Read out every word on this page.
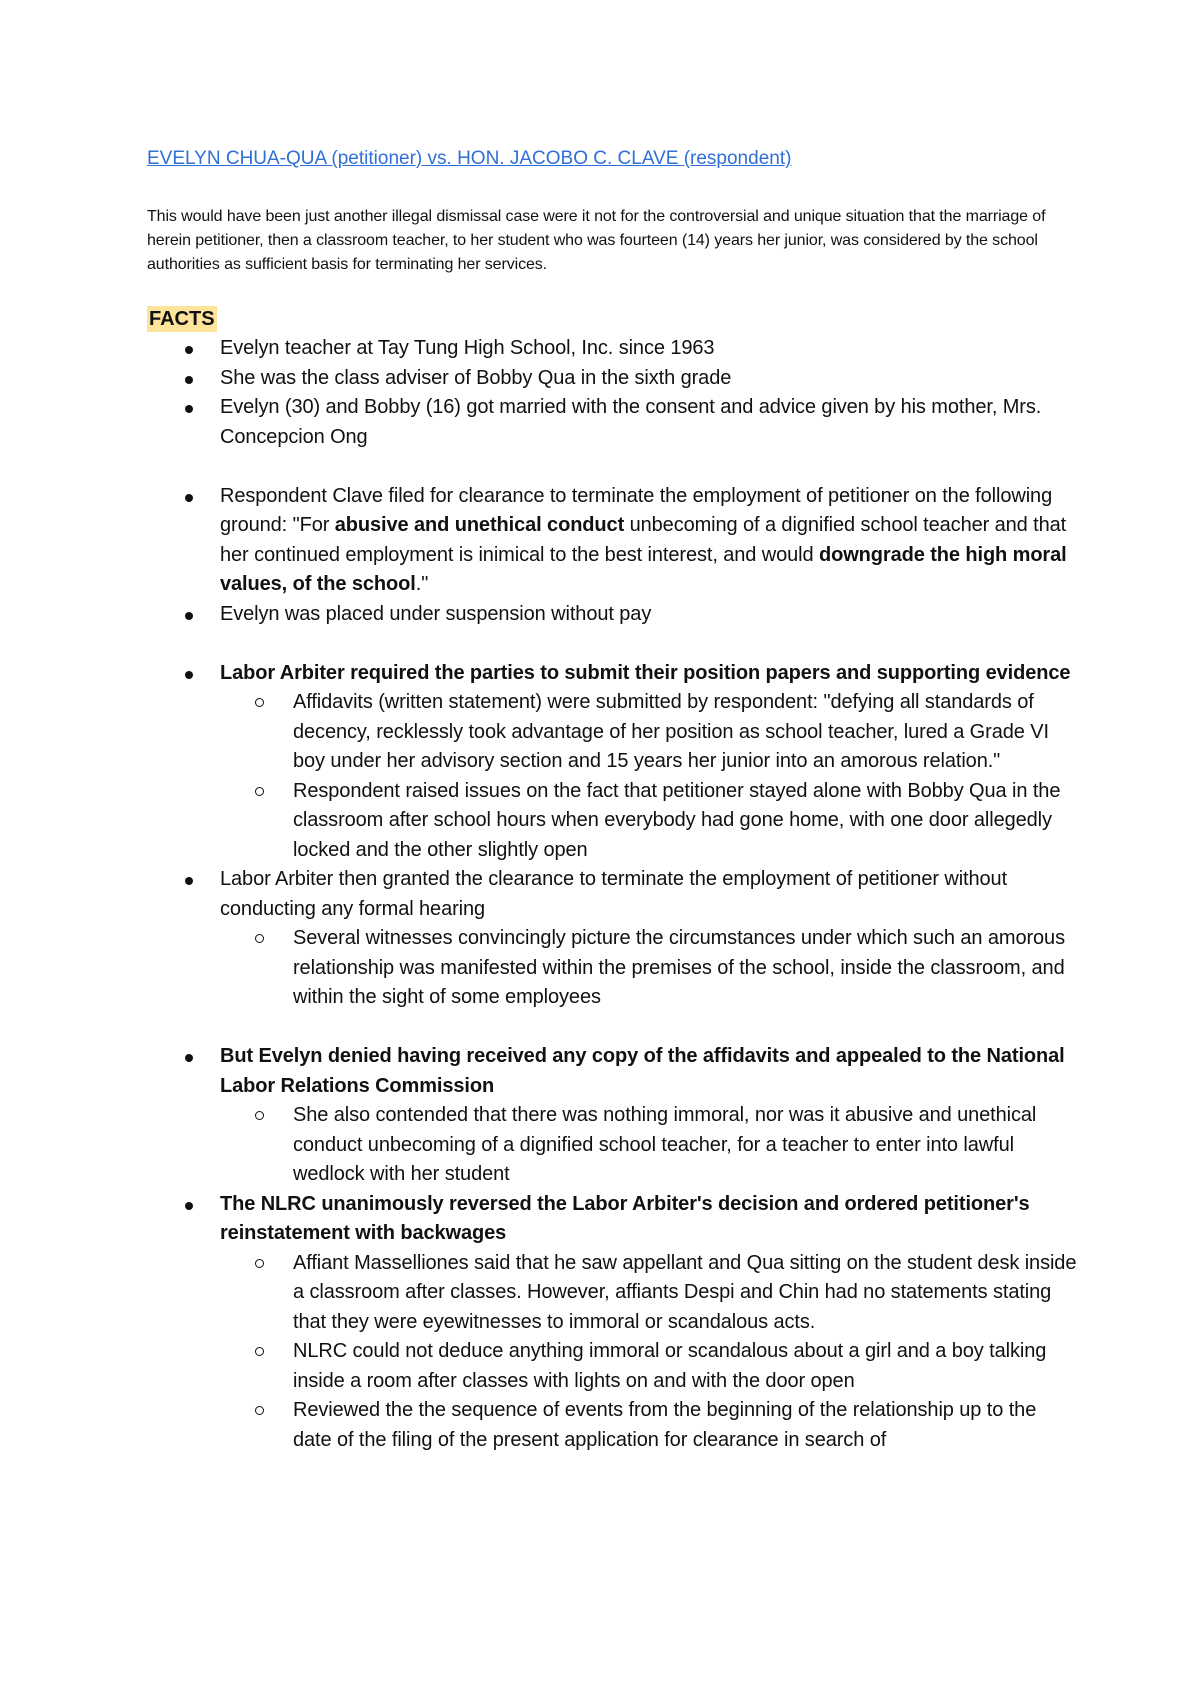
EVELYN CHUA-QUA (petitioner) vs. HON. JACOBO C. CLAVE (respondent)
This would have been just another illegal dismissal case were it not for the controversial and unique situation that the marriage of herein petitioner, then a classroom teacher, to her student who was fourteen (14) years her junior, was considered by the school authorities as sufficient basis for terminating her services.
FACTS
Evelyn teacher at Tay Tung High School, Inc. since 1963
She was the class adviser of Bobby Qua in the sixth grade
Evelyn (30) and Bobby (16) got married with the consent and advice given by his mother, Mrs. Concepcion Ong
Respondent Clave filed for clearance to terminate the employment of petitioner on the following ground: "For abusive and unethical conduct unbecoming of a dignified school teacher and that her continued employment is inimical to the best interest, and would downgrade the high moral values, of the school."
Evelyn was placed under suspension without pay
Labor Arbiter required the parties to submit their position papers and supporting evidence
Affidavits (written statement) were submitted by respondent: "defying all standards of decency, recklessly took advantage of her position as school teacher, lured a Grade VI boy under her advisory section and 15 years her junior into an amorous relation."
Respondent raised issues on the fact that petitioner stayed alone with Bobby Qua in the classroom after school hours when everybody had gone home, with one door allegedly locked and the other slightly open
Labor Arbiter then granted the clearance to terminate the employment of petitioner without conducting any formal hearing
Several witnesses convincingly picture the circumstances under which such an amorous relationship was manifested within the premises of the school, inside the classroom, and within the sight of some employees
But Evelyn denied having received any copy of the affidavits and appealed to the National Labor Relations Commission
She also contended that there was nothing immoral, nor was it abusive and unethical conduct unbecoming of a dignified school teacher, for a teacher to enter into lawful wedlock with her student
The NLRC unanimously reversed the Labor Arbiter's decision and ordered petitioner's reinstatement with backwages
Affiant Masselliones said that he saw appellant and Qua sitting on the student desk inside a classroom after classes. However, affiants Despi and Chin had no statements stating that they were eyewitnesses to immoral or scandalous acts.
NLRC could not deduce anything immoral or scandalous about a girl and a boy talking inside a room after classes with lights on and with the door open
Reviewed the the sequence of events from the beginning of the relationship up to the date of the filing of the present application for clearance in search of
